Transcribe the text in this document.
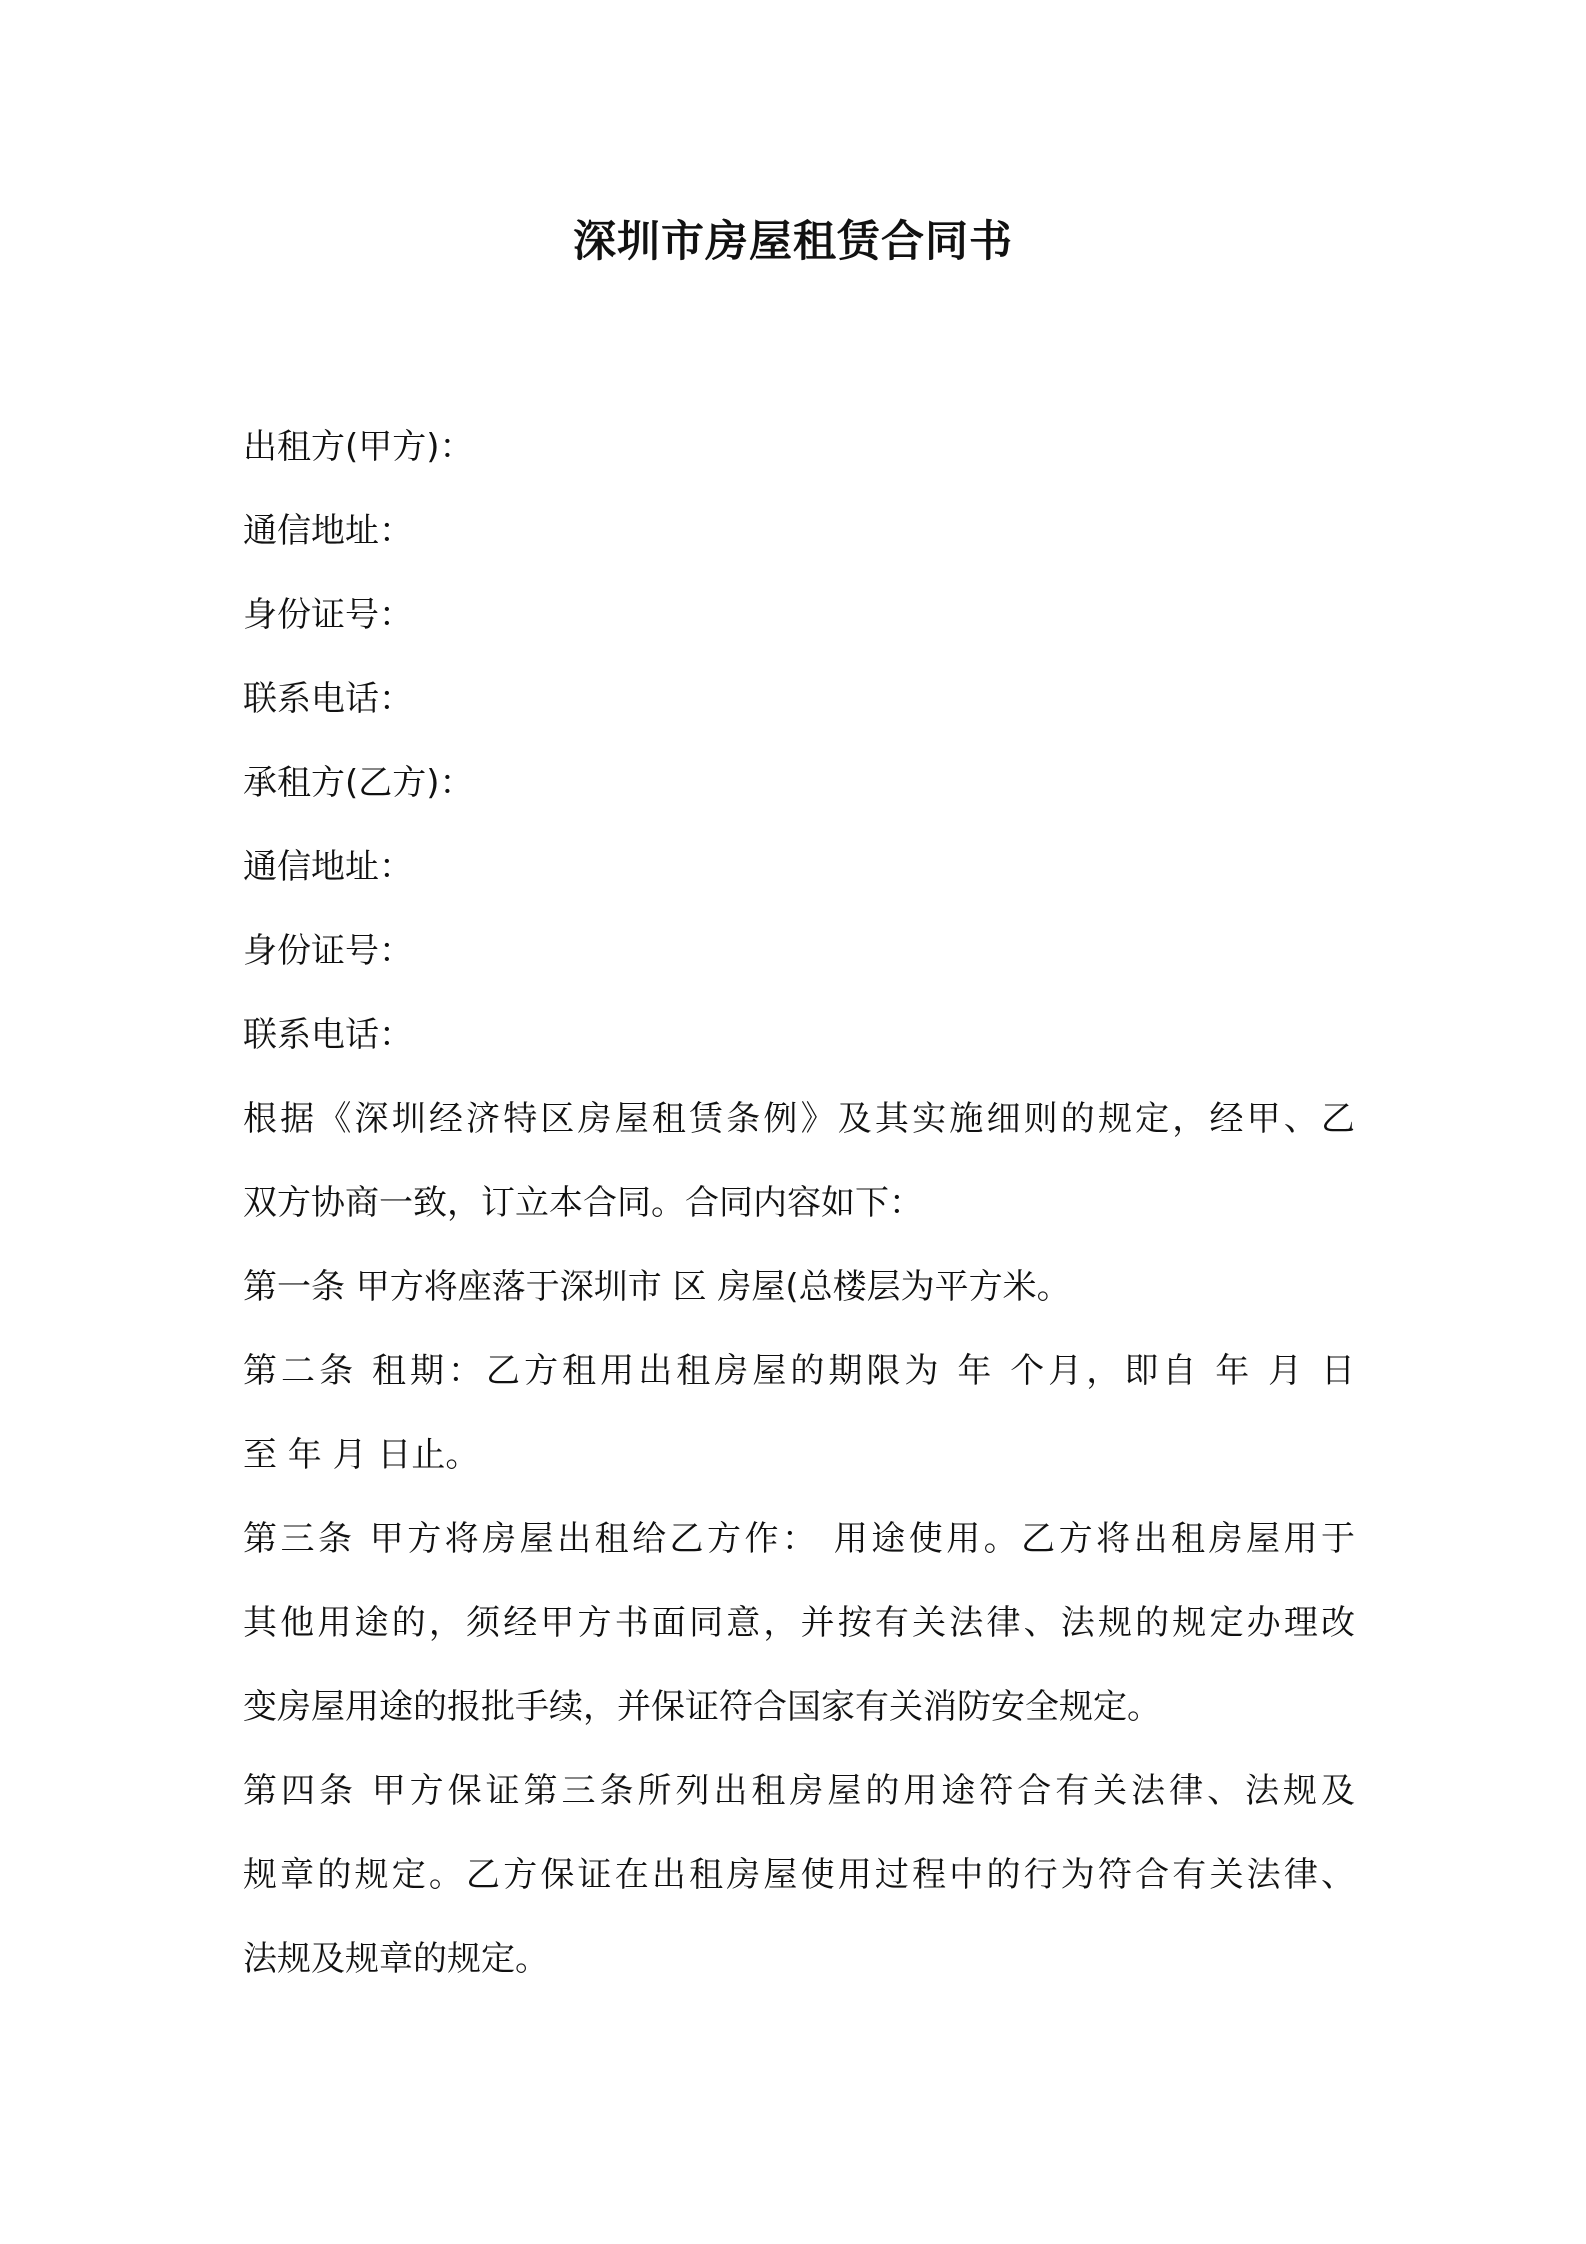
深圳市房屋租赁合同书
出租方(甲方)：
通信地址：
身份证号：
联系电话：
承租方(乙方)：
通信地址：
身份证号：
联系电话：
根据《深圳经济特区房屋租赁条例》及其实施细则的规定，经甲、乙
双方协商一致，订立本合同。合同内容如下：
第一条 甲方将座落于深圳市 区 房屋(总楼层为平方米。
第二条 租期：乙方租用出租房屋的期限为 年 个月，即自 年 月 日
至 年 月 日止。
第三条 甲方将房屋出租给乙方作： 用途使用。乙方将出租房屋用于
其他用途的，须经甲方书面同意，并按有关法律、法规的规定办理改
变房屋用途的报批手续，并保证符合国家有关消防安全规定。
第四条 甲方保证第三条所列出租房屋的用途符合有关法律、法规及
规章的规定。乙方保证在出租房屋使用过程中的行为符合有关法律、
法规及规章的规定。
